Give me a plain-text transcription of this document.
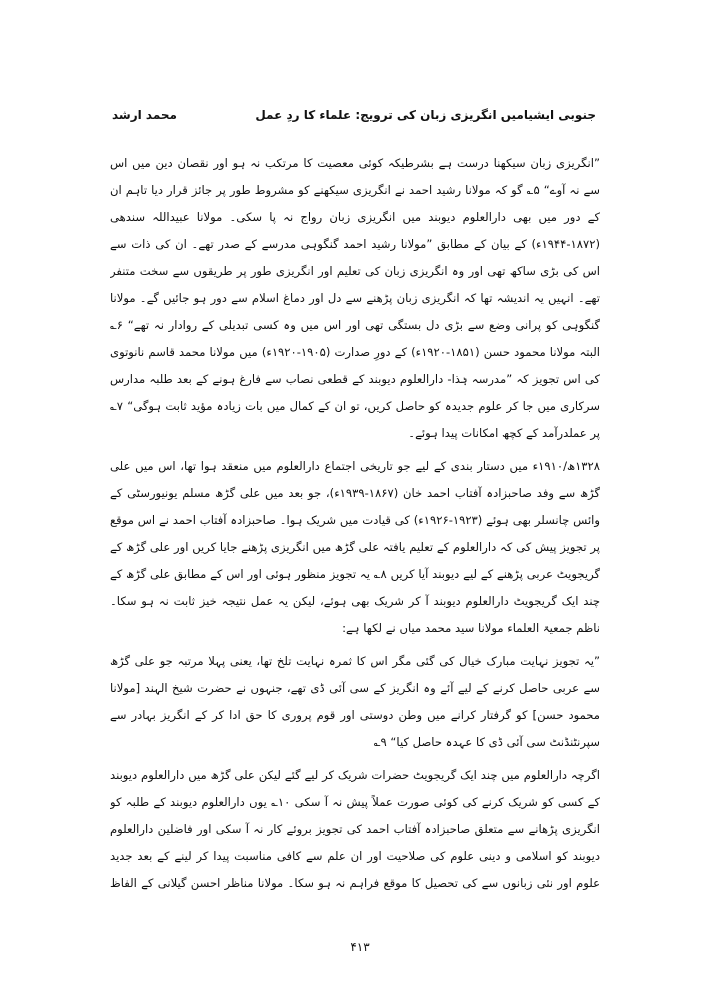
جنوبی ایشیامیں انگریزی زبان کی ترویج: علماء کا ردِ عمل
محمد ارشد

”انگریزی زبان سیکھنا درست ہے بشرطیکہ کوئی معصیت کا مرتکب نہ ہو اور نقصان دین میں اس سے نہ آوے“ ۵؎ گو کہ مولانا رشید احمد نے انگریزی سیکھنے کو مشروط طور پر جائز قرار دیا تاہم ان کے دور میں بھی دارالعلوم دیوبند میں انگریزی زبان رواج نہ پا سکی۔ مولانا عبیداللہ سندھی (۱۸۷۲-۱۹۴۴ء) کے بیان کے مطابق ”مولانا رشید احمد گنگوہی مدرسے کے صدر تھے۔ ان کی ذات سے اس کی بڑی ساکھ تھی اور وہ انگریزی زبان کی تعلیم اور انگریزی طور پر طریقوں سے سخت متنفر تھے۔ انہیں یہ اندیشہ تھا کہ انگریزی زبان پڑھنے سے دل اور دماغ اسلام سے دور ہو جائیں گے۔ مولانا گنگوہی کو پرانی وضع سے بڑی دل بستگی تھی اور اس میں وہ کسی تبدیلی کے روادار نہ تھے“ ۶؎ البتہ مولانا محمود حسن (۱۸۵۱-۱۹۲۰ء) کے دورِ صدارت (۱۹۰۵-۱۹۲۰ء) میں مولانا محمد قاسم نانوتوی کی اس تجویز کہ ”مدرسہ ہٰذا- دارالعلوم دیوبند کے قطعی نصاب سے فارغ ہونے کے بعد طلبہ مدارس سرکاری میں جا کر علوم جدیدہ کو حاصل کریں، تو ان کے کمال میں بات زیادہ مؤید ثابت ہوگی“ ۷؎ پر عملدرآمد کے کچھ امکانات پیدا ہوئے۔

۱۳۲۸ھ/۱۹۱۰ء میں دستار بندی کے لیے جو تاریخی اجتماع دارالعلوم میں منعقد ہوا تھا، اس میں علی گڑھ سے وفد صاحبزادہ آفتاب احمد خان (۱۸۶۷-۱۹۳۹ء)، جو بعد میں علی گڑھ مسلم یونیورسٹی کے وائس چانسلر بھی ہوئے (۱۹۲۳-۱۹۲۶ء) کی قیادت میں شریک ہوا۔ صاحبزادہ آفتاب احمد نے اس موقع پر تجویز پیش کی کہ دارالعلوم کے تعلیم یافتہ علی گڑھ میں انگریزی پڑھنے جایا کریں اور علی گڑھ کے گریجویٹ عربی پڑھنے کے لیے دیوبند آیا کریں ۸؎ یہ تجویز منظور ہوئی اور اس کے مطابق علی گڑھ کے چند ایک گریجویٹ دارالعلوم دیوبند آ کر شریک بھی ہوئے، لیکن یہ عمل نتیجہ خیز ثابت نہ ہو سکا۔ ناظم جمعیۃ العلماء مولانا سید محمد میاں نے لکھا ہے:

”یہ تجویز نہایت مبارک خیال کی گئی مگر اس کا ثمرہ نہایت تلخ تھا، یعنی پہلا مرتبہ جو علی گڑھ سے عربی حاصل کرنے کے لیے آئے وہ انگریز کے سی آئی ڈی تھے، جنہوں نے حضرت شیخ الہند [مولانا محمود حسن] کو گرفتار کرانے میں وطن دوستی اور قوم پروری کا حق ادا کر کے انگریز بہادر سے سپرنٹنڈنٹ سی آئی ڈی کا عہدہ حاصل کیا“ ۹؎

اگرچہ دارالعلوم میں چند ایک گریجویٹ حضرات شریک کر لیے گئے لیکن علی گڑھ میں دارالعلوم دیوبند کے کسی کو شریک کرنے کی کوئی صورت عملاً پیش نہ آ سکی ۱۰؎ یوں دارالعلوم دیوبند کے طلبہ کو انگریزی پڑھانے سے متعلق صاحبزادہ آفتاب احمد کی تجویز بروئے کار نہ آ سکی اور فاضلین دارالعلوم دیوبند کو اسلامی و دینی علوم کی صلاحیت اور ان علم سے کافی مناسبت پیدا کر لینے کے بعد جدید علوم اور نئی زبانوں سے کی تحصیل کا موقع فراہم نہ ہو سکا۔ مولانا مناظر احسن گیلانی کے الفاظ

۴۱۳
